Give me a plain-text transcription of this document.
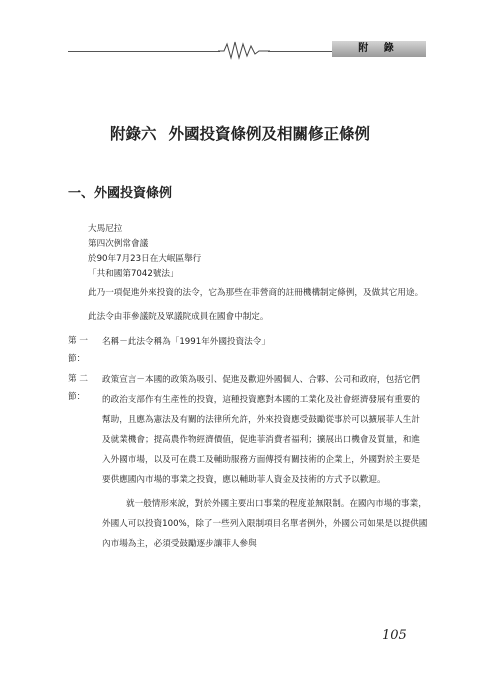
附 錄
附錄六 外國投資條例及相關修正條例
一、外國投資條例
大馬尼拉
第四次例常會議
於90年7月23日在大岷區舉行
「共和國第7042號法」
此乃一項促進外來投資的法令，它為那些在菲營商的註冊機構制定條例，及做其它用途。
此法令由菲參議院及眾議院成員在國會中制定。
第 一 節：
名稱－此法令稱為「1991年外國投資法令」
第 二 節：
政策宣言－本國的政策為吸引、促進及歡迎外國個人、合夥、公司和政府，包括它們的政治支部作有生產性的投資，這種投資應對本國的工業化及社會經濟發展有重要的幫助，且應為憲法及有關的法律所允許，外來投資應受鼓勵從事於可以擴展菲人生計及就業機會；提高農作物經濟價值，促進菲消費者福利；擴展出口機會及質量，和進入外國市場，以及可在農工及輔助服務方面傳授有關技術的企業上，外國對於主要是要供應國內市場的事業之投資，應以輔助菲人資金及技術的方式予以歡迎。

就一般情形來說，對於外國主要出口事業的程度並無限制。在國內市場的事業，外國人可以投資100%，除了一些列入限制項目名單者例外，外國公司如果是以提供國內市場為主，必須受鼓勵逐步讓菲人參與

105
